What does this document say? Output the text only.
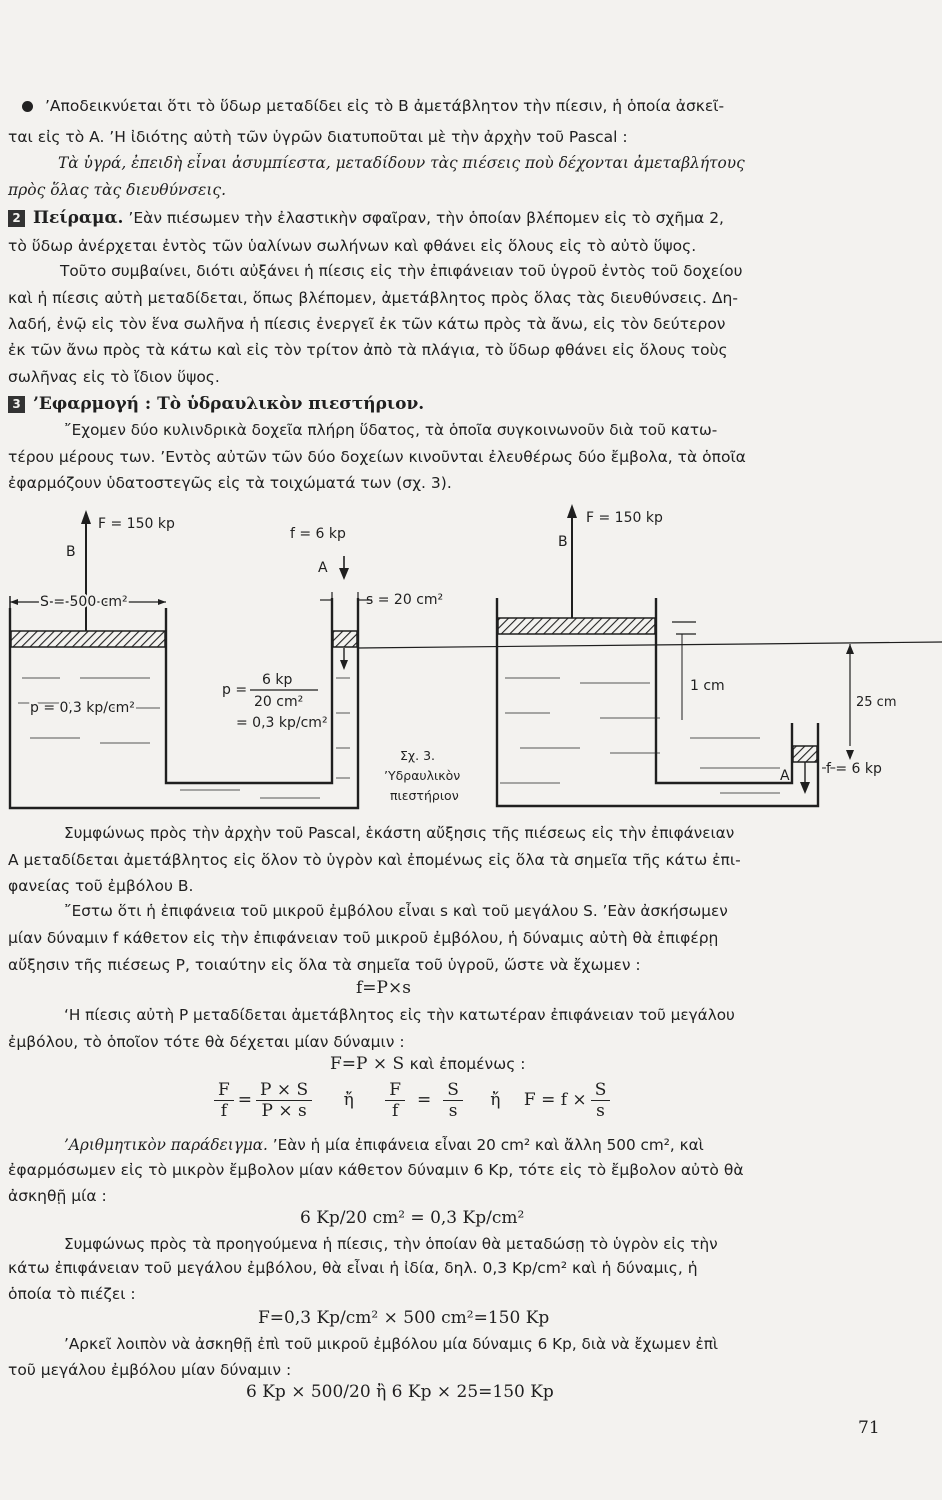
’Αποδεικνύεται ὅτι τὸ ὕδωρ μεταδίδει εἰς τὸ B ἀμετάβλητον τὴν πίεσιν, ἡ ὁποία ἀσκεῖ-
ται εἰς τὸ A. ’Η ἰδιότης αὐτὴ τῶν ὑγρῶν διατυποῦται μὲ τὴν ἀρχὴν τοῦ Pascal :
Τὰ ὑγρά, ἐπειδὴ εἶναι ἀσυμπίεστα, μεταδίδουν τὰς πιέσεις ποὺ δέχονται ἀμεταβλήτους
πρὸς ὅλας τὰς διευθύνσεις.
2 Πείραμα. ’Εὰν πιέσωμεν τὴν ἐλαστικὴν σφαῖραν, τὴν ὁποίαν βλέπομεν εἰς τὸ σχῆμα 2,
τὸ ὕδωρ ἀνέρχεται ἐντὸς τῶν ὑαλίνων σωλήνων καὶ φθάνει εἰς ὅλους εἰς τὸ αὐτὸ ὕψος.
Τοῦτο συμβαίνει, διότι αὐξάνει ἡ πίεσις εἰς τὴν ἐπιφάνειαν τοῦ ὑγροῦ ἐντὸς τοῦ δοχείου
καὶ ἡ πίεσις αὐτὴ μεταδίδεται, ὅπως βλέπομεν, ἀμετάβλητος πρὸς ὅλας τὰς διευθύνσεις. Δη-
λαδή, ἐνῷ εἰς τὸν ἕνα σωλῆνα ἡ πίεσις ἐνεργεῖ ἐκ τῶν κάτω πρὸς τὰ ἄνω, εἰς τὸν δεύτερον
ἐκ τῶν ἄνω πρὸς τὰ κάτω καὶ εἰς τὸν τρίτον ἀπὸ τὰ πλάγια, τὸ ὕδωρ φθάνει εἰς ὅλους τοὺς
σωλῆνας εἰς τὸ ἴδιον ὕψος.
3 ’Εφαρμογή : Τὸ ὑδραυλικὸν πιεστήριον.
῎Εχομεν δύο κυλινδρικὰ δοχεῖα πλήρη ὕδατος, τὰ ὁποῖα συγκοινωνοῦν διὰ τοῦ κατω-
τέρου μέρους των. ’Εντὸς αὐτῶν τῶν δύο δοχείων κινοῦνται ἐλευθέρως δύο ἔμβολα, τὰ ὁποῖα
ἐφαρμόζουν ὑδατοστεγῶς εἰς τὰ τοιχώματά των (σχ. 3).
F = 150 kp
B
S = 500 cm²
p = 0,3 kp/cm²
f = 6 kp
A
s = 20 cm²
p =
6 kp
20 cm²
= 0,3 kp/cm²
Σχ. 3.
’Υδραυλικὸν
πιεστήριον
F = 150 kp
B
1 cm
25 cm
A	f = 6 kp
Συμφώνως πρὸς τὴν ἀρχὴν τοῦ Pascal, ἑκάστη αὔξησις τῆς πιέσεως εἰς τὴν ἐπιφάνειαν
A μεταδίδεται ἀμετάβλητος εἰς ὅλον τὸ ὑγρὸν καὶ ἐπομένως εἰς ὅλα τὰ σημεῖα τῆς κάτω ἐπι-
φανείας τοῦ ἐμβόλου B.
῎Εστω ὅτι ἡ ἐπιφάνεια τοῦ μικροῦ ἐμβόλου εἶναι s καὶ τοῦ μεγάλου S. ’Εὰν ἀσκήσωμεν
μίαν δύναμιν f κάθετον εἰς τὴν ἐπιφάνειαν τοῦ μικροῦ ἐμβόλου, ἡ δύναμις αὐτὴ θὰ ἐπιφέρῃ
αὔξησιν τῆς πιέσεως P, τοιαύτην εἰς ὅλα τὰ σημεῖα τοῦ ὑγροῦ, ὥστε νὰ ἔχωμεν :
f=P×s
‘Η πίεσις αὐτὴ P μεταδίδεται ἀμετάβλητος εἰς τὴν κατωτέραν ἐπιφάνειαν τοῦ μεγάλου
ἐμβόλου, τὸ ὁποῖον τότε θὰ δέχεται μίαν δύναμιν :
F=P × S καὶ ἐπομένως :
$\frac{F}{f} = \frac{P \times S}{P \times s}$ ἤ $\frac{F}{f} = \frac{S}{s}$ ἤ $F = f \times \frac{S}{s}$
’Αριθμητικὸν παράδειγμα. ’Εὰν ἡ μία ἐπιφάνεια εἶναι 20 cm² καὶ ἄλλη 500 cm², καὶ
ἐφαρμόσωμεν εἰς τὸ μικρὸν ἔμβολον μίαν κάθετον δύναμιν 6 Kp, τότε εἰς τὸ ἔμβολον αὐτὸ θὰ
ἀσκηθῇ μία :
6 Kp/20 cm² = 0,3 Kp/cm²
Συμφώνως πρὸς τὰ προηγούμενα ἡ πίεσις, τὴν ὁποίαν θὰ μεταδώσῃ τὸ ὑγρὸν εἰς τὴν
κάτω ἐπιφάνειαν τοῦ μεγάλου ἐμβόλου, θὰ εἶναι ἡ ἰδία, δηλ. 0,3 Kp/cm² καὶ ἡ δύναμις, ἡ
ὁποία τὸ πιέζει :
F=0,3 Kp/cm² × 500 cm²=150 Kp
’Αρκεῖ λοιπὸν νὰ ἀσκηθῇ ἐπὶ τοῦ μικροῦ ἐμβόλου μία δύναμις 6 Kp, διὰ νὰ ἔχωμεν ἐπὶ
τοῦ μεγάλου ἐμβόλου μίαν δύναμιν :
6 Kp × 500/20 ἢ 6 Kp × 25=150 Kp
71
